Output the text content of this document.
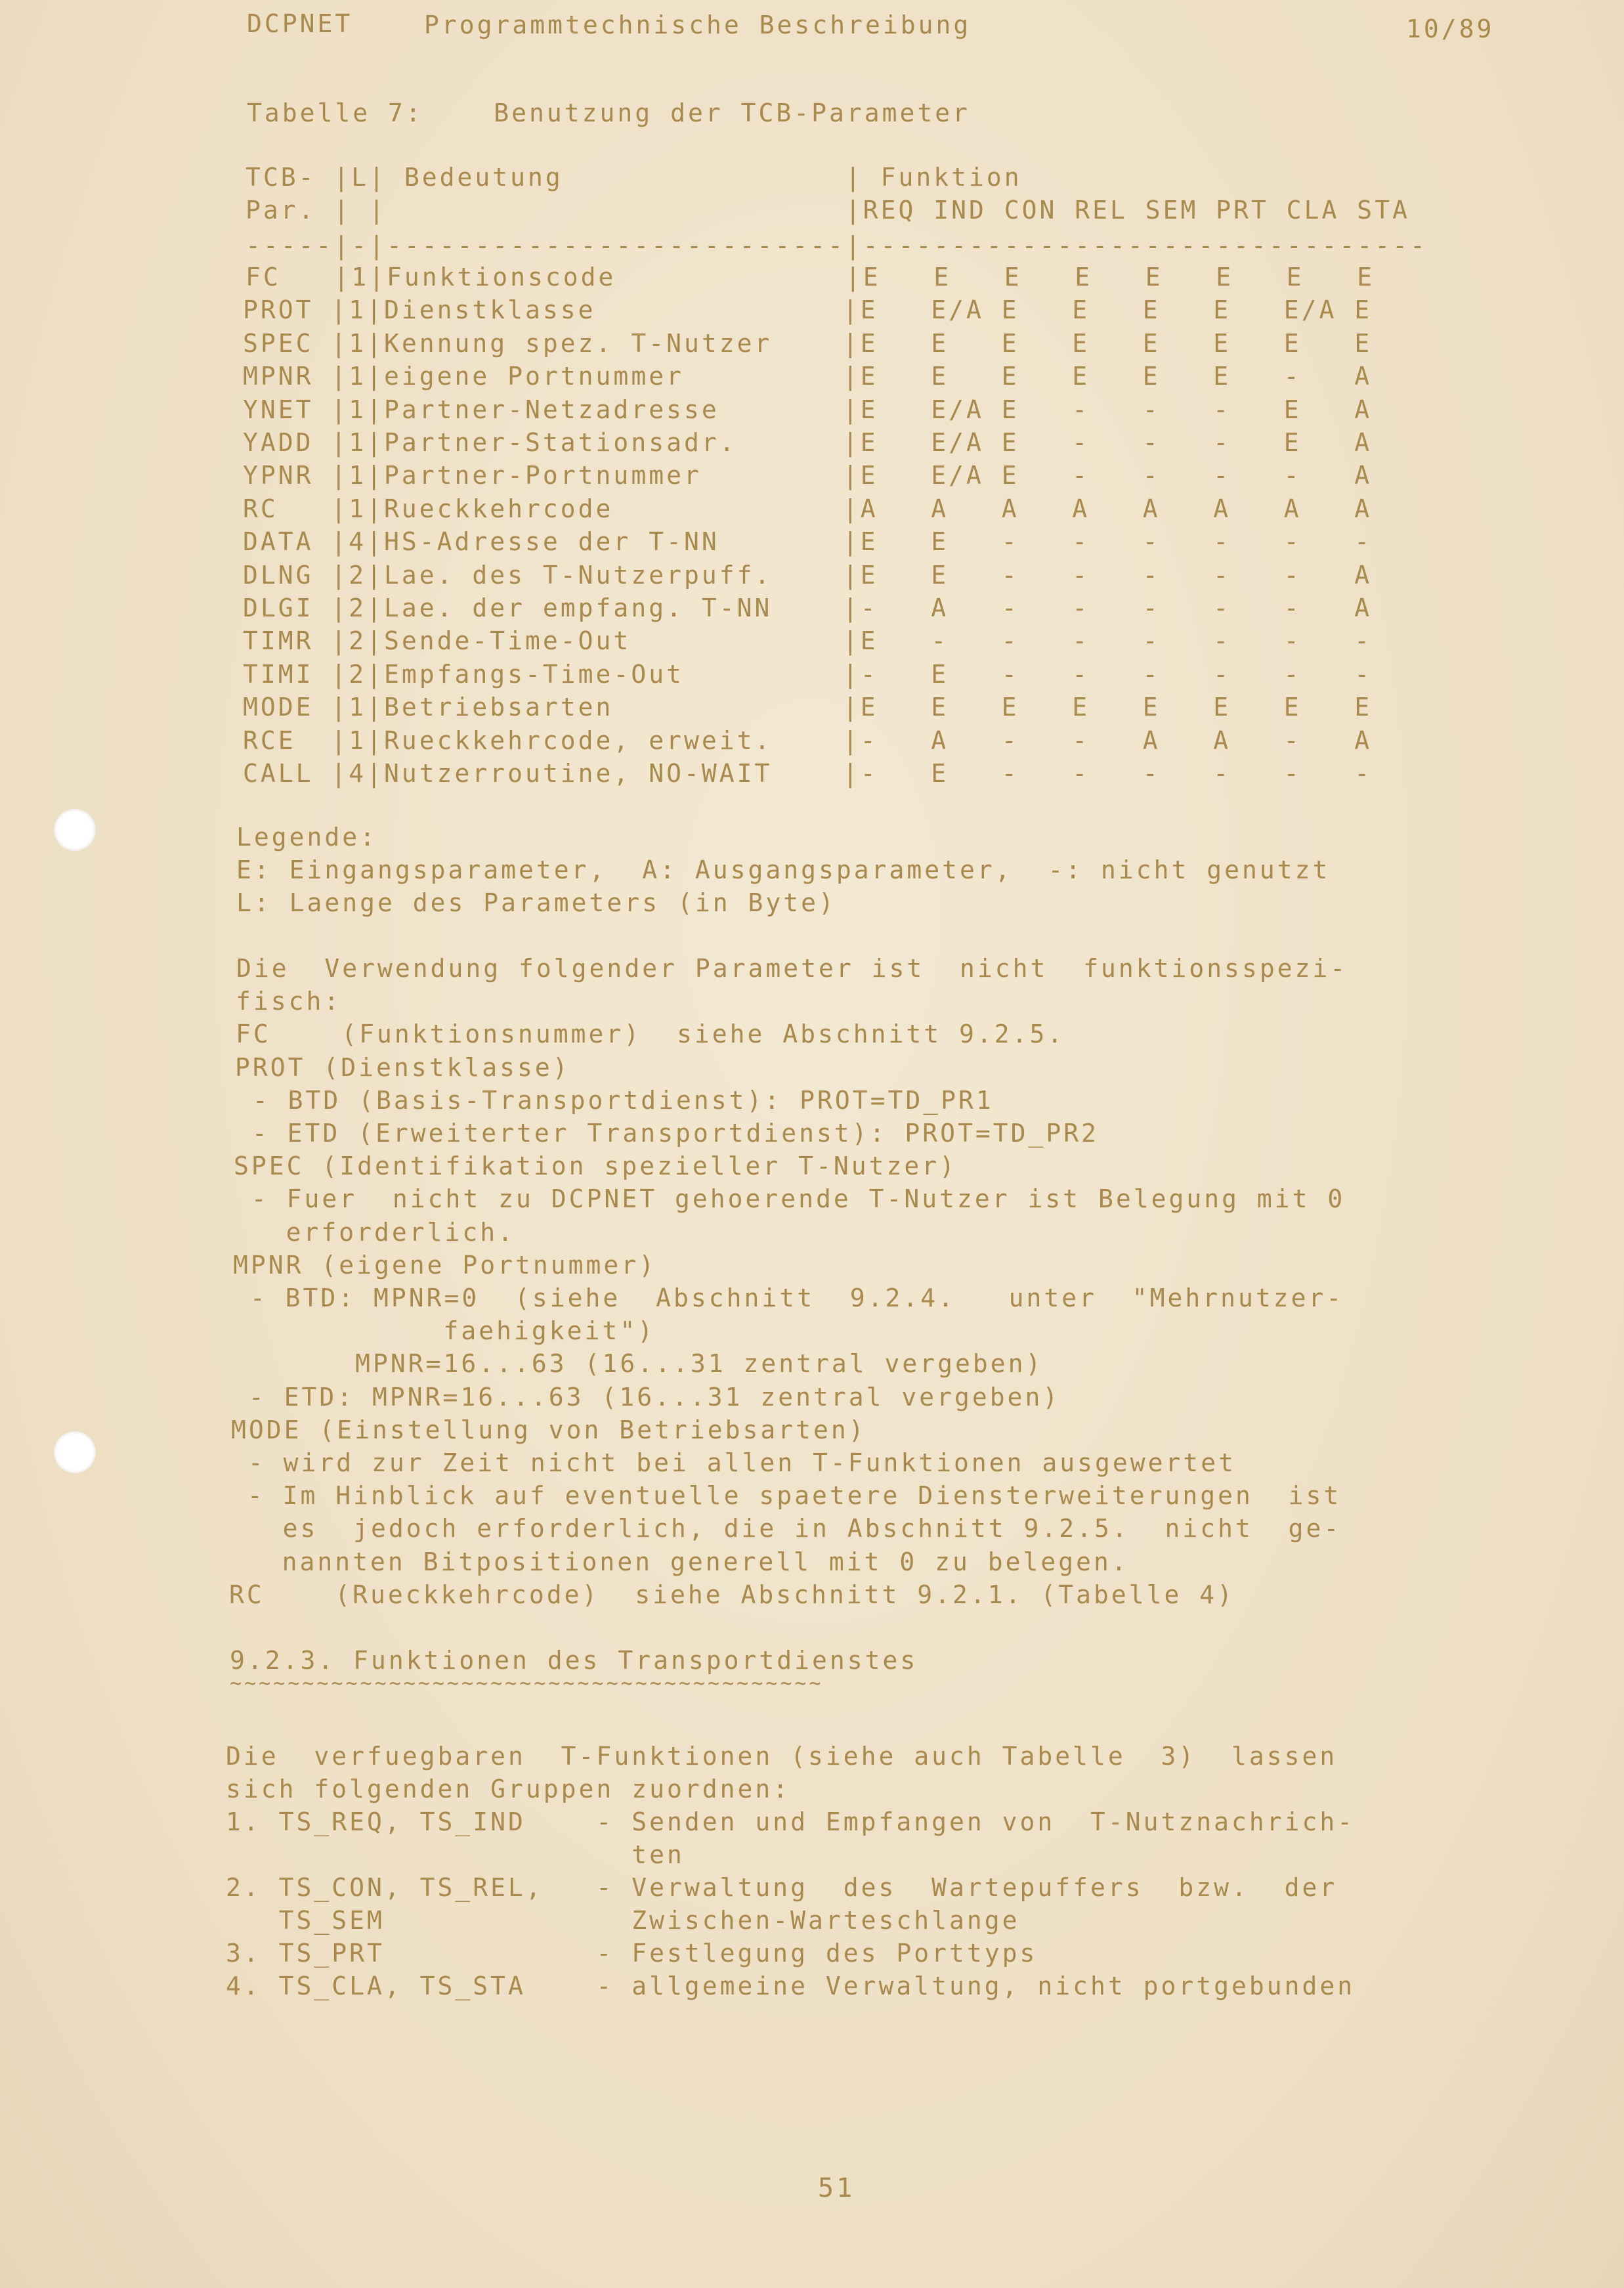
DCPNET	Programmtechnische Beschreibung	10/89
Tabelle 7:    Benutzung der TCB-Parameter
TCB- |L| Bedeutung                | Funktion
Par. | |                          |REQ IND CON REL SEM PRT CLA STA
-----|-|--------------------------|--------------------------------
FC   |1|Funktionscode             |E   E   E   E   E   E   E   E
PROT |1|Dienstklasse              |E   E/A E   E   E   E   E/A E
SPEC |1|Kennung spez. T-Nutzer    |E   E   E   E   E   E   E   E
MPNR |1|eigene Portnummer         |E   E   E   E   E   E   -   A
YNET |1|Partner-Netzadresse       |E   E/A E   -   -   -   E   A
YADD |1|Partner-Stationsadr.      |E   E/A E   -   -   -   E   A
YPNR |1|Partner-Portnummer        |E   E/A E   -   -   -   -   A
RC   |1|Rueckkehrcode             |A   A   A   A   A   A   A   A
DATA |4|HS-Adresse der T-NN       |E   E   -   -   -   -   -   -
DLNG |2|Lae. des T-Nutzerpuff.    |E   E   -   -   -   -   -   A
DLGI |2|Lae. der empfang. T-NN    |-   A   -   -   -   -   -   A
TIMR |2|Sende-Time-Out            |E   -   -   -   -   -   -   -
TIMI |2|Empfangs-Time-Out         |-   E   -   -   -   -   -   -
MODE |1|Betriebsarten             |E   E   E   E   E   E   E   E
RCE  |1|Rueckkehrcode, erweit.    |-   A   -   -   A   A   -   A
CALL |4|Nutzerroutine, NO-WAIT    |-   E   -   -   -   -   -   -
Legende:
E: Eingangsparameter,  A: Ausgangsparameter,  -: nicht genutzt
L: Laenge des Parameters (in Byte)
Die  Verwendung folgender Parameter ist  nicht  funktionsspezi-
fisch:
FC    (Funktionsnummer)  siehe Abschnitt 9.2.5.
PROT (Dienstklasse)
- BTD (Basis-Transportdienst): PROT=TD_PR1
- ETD (Erweiterter Transportdienst): PROT=TD_PR2
SPEC (Identifikation spezieller T-Nutzer)
- Fuer  nicht zu DCPNET gehoerende T-Nutzer ist Belegung mit 0
erforderlich.
MPNR (eigene Portnummer)
- BTD: MPNR=0  (siehe  Abschnitt  9.2.4.   unter  "Mehrnutzer-
faehigkeit")
MPNR=16...63 (16...31 zentral vergeben)
- ETD: MPNR=16...63 (16...31 zentral vergeben)
MODE (Einstellung von Betriebsarten)
- wird zur Zeit nicht bei allen T-Funktionen ausgewertet
- Im Hinblick auf eventuelle spaetere Diensterweiterungen  ist
es  jedoch erforderlich, die in Abschnitt 9.2.5.  nicht  ge-
nannten Bitpositionen generell mit 0 zu belegen.
RC    (Rueckkehrcode)  siehe Abschnitt 9.2.1. (Tabelle 4)
9.2.3. Funktionen des Transportdienstes
~~~~~~~~~~~~~~~~~~~~~~~~~~~~~~~~~~~~~~~~~
Die  verfuegbaren  T-Funktionen (siehe auch Tabelle  3)  lassen
sich folgenden Gruppen zuordnen:
1. TS_REQ, TS_IND    - Senden und Empfangen von  T-Nutznachrich-
ten
2. TS_CON, TS_REL,   - Verwaltung  des  Wartepuffers  bzw.  der
TS_SEM              Zwischen-Warteschlange
3. TS_PRT            - Festlegung des Porttyps
4. TS_CLA, TS_STA    - allgemeine Verwaltung, nicht portgebunden
51
